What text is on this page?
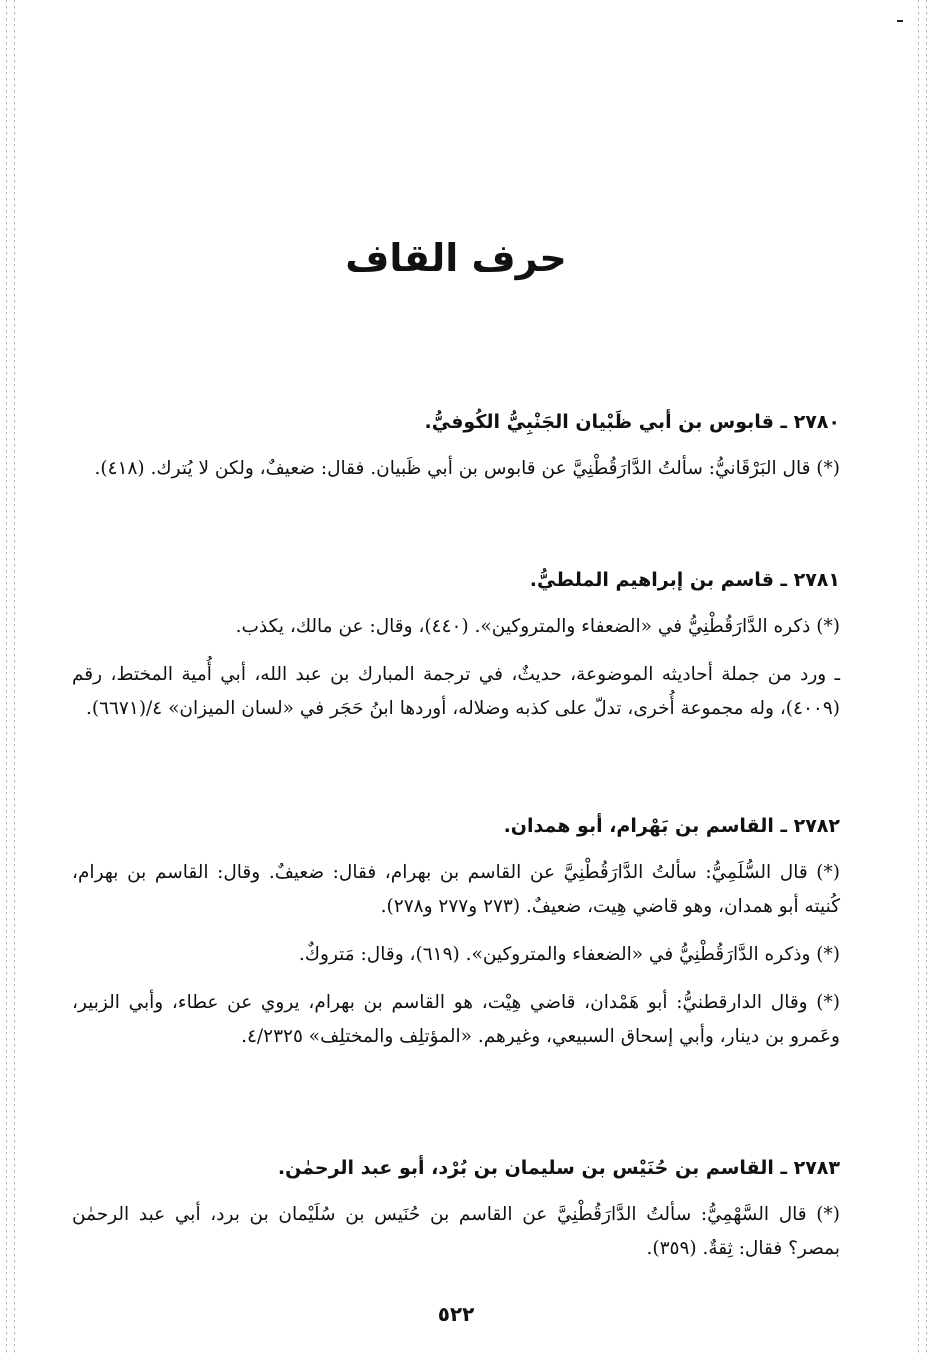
حرف القاف

٢٧٨٠ ـ قابوس بن أبي ظَبْيان الجَنْبِيُّ الكُوفيُّ.

(*) قال البَرْقَانيُّ: سألتُ الدَّارَقُطْنِيَّ عن قابوس بن أبي ظَبيان. فقال: ضعيفٌ، ولكن لا يُترك. (٤١٨).

٢٧٨١ ـ قاسم بن إبراهيم الملطيُّ.

(*) ذكره الدَّارَقُطْنِيُّ في «الضعفاء والمتروكين». (٤٤٠)، وقال: عن مالك، يكذب.

ـ ورد من جملة أحاديثه الموضوعة، حديثٌ، في ترجمة المبارك بن عبد الله، أبي أُمية المختط، رقم (٤٠٠٩)، وله مجموعة أُخرى، تدلّ على كذبه وضلاله، أوردها ابنُ حَجَر في «لسان الميزان» ٤/(٦٦٧١).

٢٧٨٢ ـ القاسم بن بَهْرام، أبو همدان.

(*) قال السُّلَمِيُّ: سألتُ الدَّارَقُطْنِيَّ عن القاسم بن بهرام، فقال: ضعيفٌ. وقال: القاسم بن بهرام، كُنيته أبو همدان، وهو قاضي هِيت، ضعيفٌ. (٢٧٣ و٢٧٧ و٢٧٨).

(*) وذكره الدَّارَقُطْنِيُّ في «الضعفاء والمتروكين». (٦١٩)، وقال: مَتروكٌ.

(*) وقال الدارقطنيُّ: أبو هَمْدان، قاضي هِيْت، هو القاسم بن بهرام، يروي عن عطاء، وأبي الزبير، وعَمرو بن دينار، وأبي إسحاق السبيعي، وغيرهم. «المؤتلِف والمختلِف» ٤/٢٣٢٥.

٢٧٨٣ ـ القاسم بن حُنَيْس بن سليمان بن بُرْد، أبو عبد الرحمٰن.

(*) قال السَّهْمِيُّ: سألتُ الدَّارَقُطْنِيَّ عن القاسم بن حُنَيس بن سُلَيْمان بن برد، أبي عبد الرحمٰن بمصر؟ فقال: ثِقةٌ. (٣٥٩).

٥٢٢
